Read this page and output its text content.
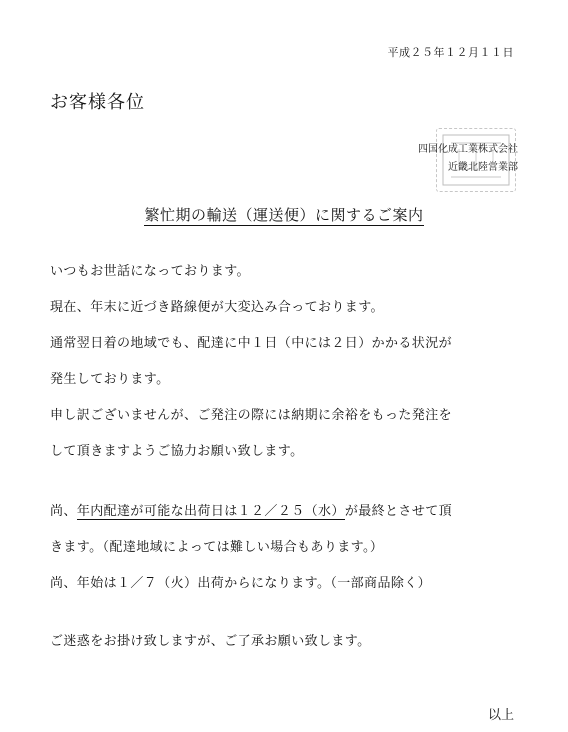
平成２５年１２月１１日
お客様各位
四国化成工業株式会社
近畿北陸営業部
繁忙期の輸送（運送便）に関するご案内
いつもお世話になっております。
現在、年末に近づき路線便が大変込み合っております。
通常翌日着の地域でも、配達に中１日（中には２日）かかる状況が
発生しております。
申し訳ございませんが、ご発注の際には納期に余裕をもった発注を
して頂きますようご協力お願い致します。
尚、年内配達が可能な出荷日は１２／２５（水）が最終とさせて頂
きます。（配達地域によっては難しい場合もあります。）
尚、年始は１／７（火）出荷からになります。（一部商品除く）
ご迷惑をお掛け致しますが、ご了承お願い致します。
以上
